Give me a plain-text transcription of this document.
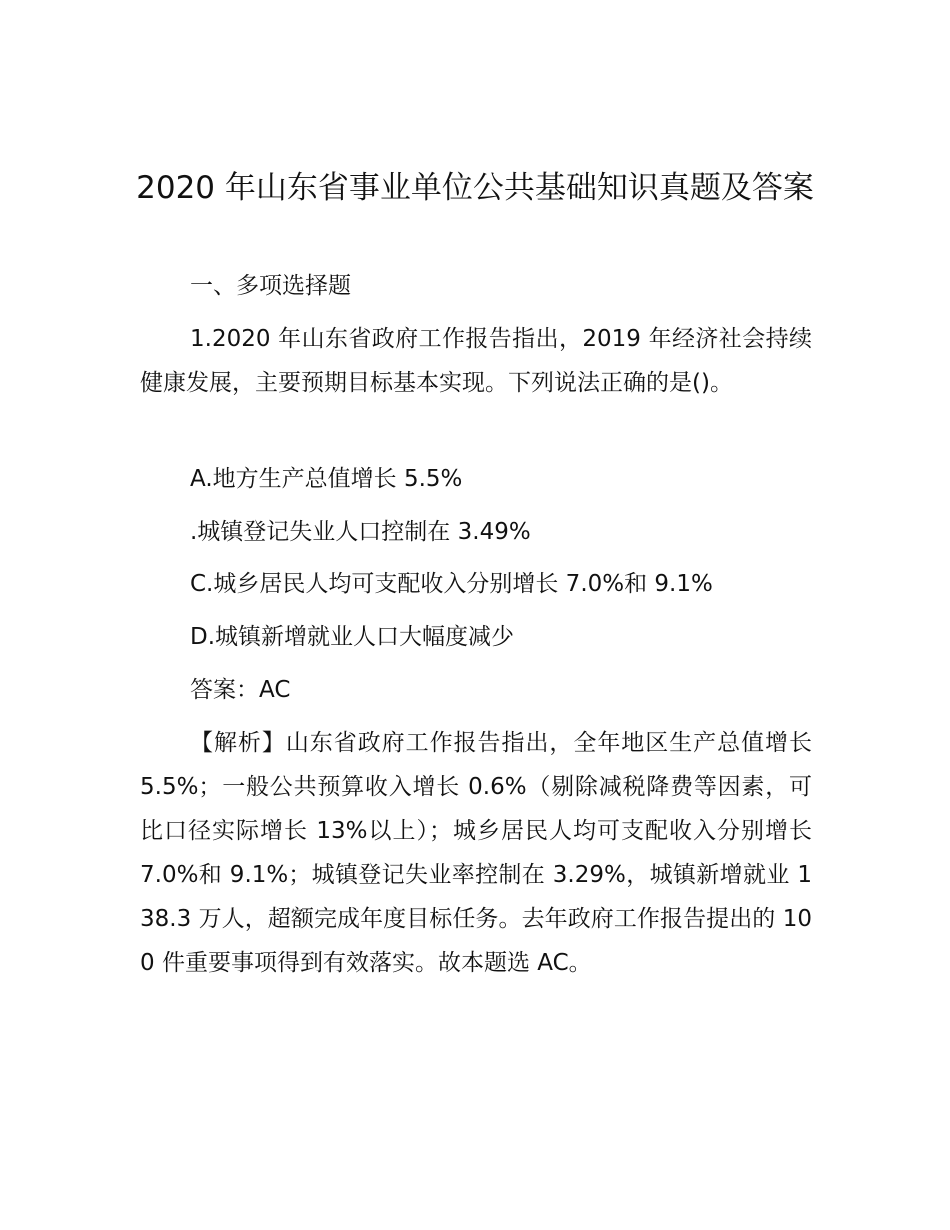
2020 年山东省事业单位公共基础知识真题及答案

一、多项选择题

1.2020 年山东省政府工作报告指出，2019 年经济社会持续健康发展，主要预期目标基本实现。下列说法正确的是()。

A.地方生产总值增长 5.5%

.城镇登记失业人口控制在 3.49%

C.城乡居民人均可支配收入分别增长 7.0%和 9.1%

D.城镇新增就业人口大幅度减少

答案：AC

【解析】山东省政府工作报告指出，全年地区生产总值增长 5.5%；一般公共预算收入增长 0.6%（剔除减税降费等因素，可比口径实际增长 13%以上）；城乡居民人均可支配收入分别增长 7.0%和 9.1%；城镇登记失业率控制在 3.29%，城镇新增就业 138.3 万人，超额完成年度目标任务。去年政府工作报告提出的 100 件重要事项得到有效落实。故本题选 AC。
